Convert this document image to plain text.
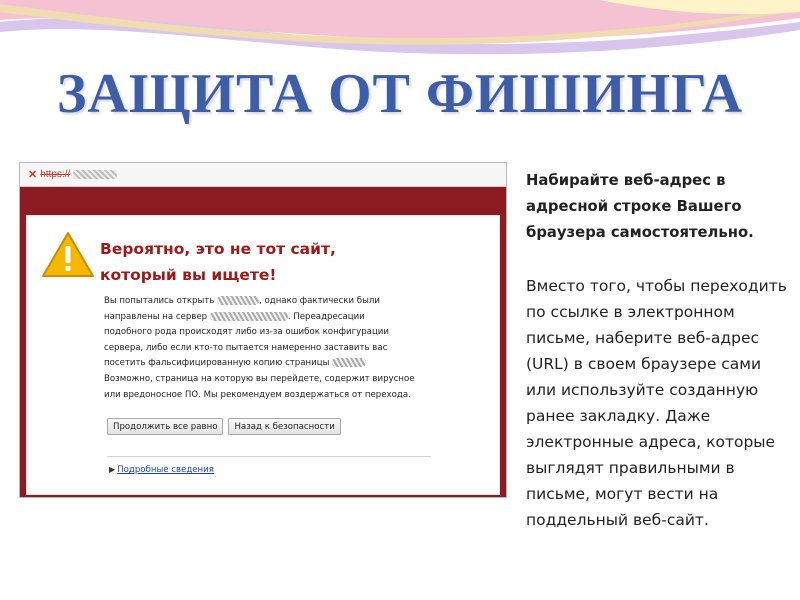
ЗАЩИТА ОТ ФИШИНГА
✕ https://
Вероятно, это не тот сайт,
который вы ищете!
Вы попытались открыть	, однако фактически были
направлены на сервер	. Переадресации
подобного рода происходят либо из-за ошибок конфигурации
сервера, либо если кто-то пытается намеренно заставить вас
посетить фальсифицированную копию страницы
Возможно, страница на которую вы перейдете, содержит вирусное
или вредоносное ПО. Мы рекомендуем воздержаться от перехода.
Продолжить все равно	Назад к безопасности
▶ Подробные сведения
Набирайте веб-адрес в адресной строке Вашего браузера самостоятельно.
Вместо того, чтобы переходить по ссылке в электронном письме, наберите веб-адрес (URL) в своем браузере сами или используйте созданную ранее закладку. Даже электронные адреса, которые выглядят правильными в письме, могут вести на поддельный веб-сайт.
